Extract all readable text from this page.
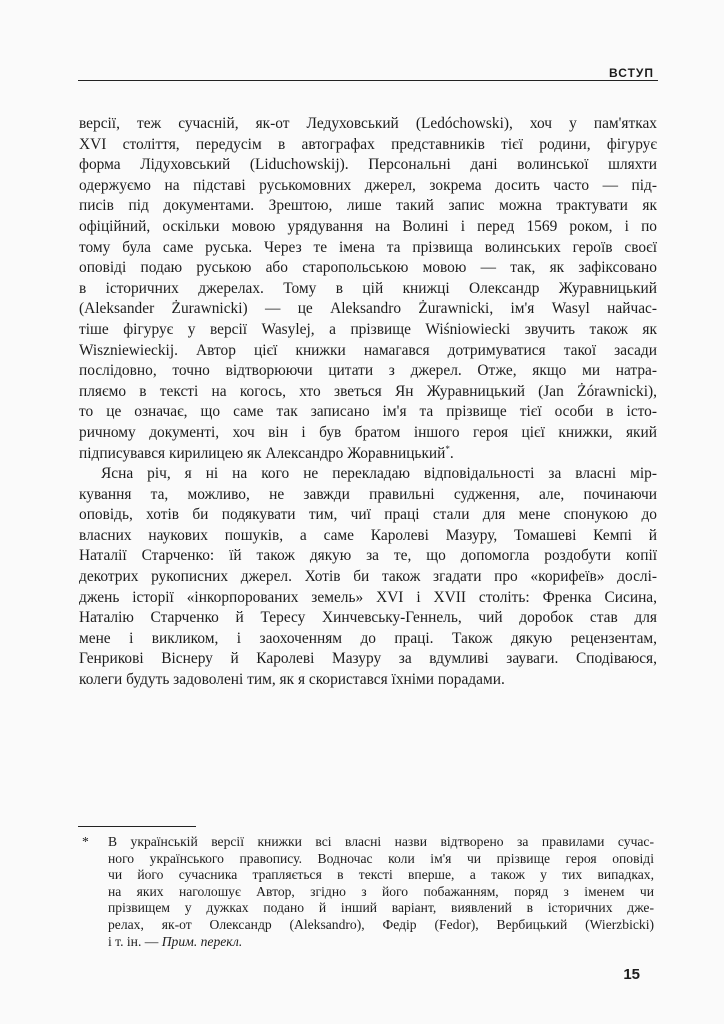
ВСТУП

версії, теж сучасній, як-от Ледуховський (Ledóchowski), хоч у пам'ятках
XVI століття, передусім в автографах представників тієї родини, фігурує
форма Лідуховський (Liduchowskij). Персональні дані волинської шляхти
одержуємо на підставі руськомовних джерел, зокрема досить часто — під-
писів під документами. Зрештою, лише такий запис можна трактувати як
офіційний, оскільки мовою урядування на Волині і перед 1569 роком, і по
тому була саме руська. Через те імена та прізвища волинських героїв своєї
оповіді подаю руською або старопольською мовою — так, як зафіксовано
в історичних джерелах. Тому в цій книжці Олександр Журавницький
(Aleksander Żurawnicki) — це Aleksandro Żurawnicki, ім'я Wasyl найчас-
тіше фігурує у версії Wasylej, а прізвище Wiśniowiecki звучить також як
Wiszniewieckij. Автор цієї книжки намагався дотримуватися такої засади
послідовно, точно відтворюючи цитати з джерел. Отже, якщо ми натра-
пляємо в тексті на когось, хто зветься Ян Журавницький (Jan Żórawnicki),
то це означає, що саме так записано ім'я та прізвище тієї особи в істо-
ричному документі, хоч він і був братом іншого героя цієї книжки, який
підписувався кирилицею як Александро Жоравницький*.

Ясна річ, я ні на кого не перекладаю відповідальності за власні мір-
кування та, можливо, не завжди правильні судження, але, починаючи
оповідь, хотів би подякувати тим, чиї праці стали для мене спонукою до
власних наукових пошуків, а саме Каролеві Мазуру, Томашеві Кемпі й
Наталії Старченко: їй також дякую за те, що допомогла роздобути копії
декотрих рукописних джерел. Хотів би також згадати про «корифеїв» дослі-
джень історії «інкорпорованих земель» XVI і XVII століть: Френка Сисина,
Наталію Старченко й Тересу Хинчевську-Геннель, чий доробок став для
мене і викликом, і заохоченням до праці. Також дякую рецензентам,
Генрикові Віснеру й Каролеві Мазуру за вдумливі зауваги. Сподіваюся,
колеги будуть задоволені тим, як я скористався їхніми порадами.

* В українській версії книжки всі власні назви відтворено за правилами сучас-
ного українського правопису. Водночас коли ім'я чи прізвище героя оповіді
чи його сучасника трапляється в тексті вперше, а також у тих випадках,
на яких наголошує Автор, згідно з його побажанням, поряд з іменем чи
прізвищем у дужках подано й інший варіант, виявлений в історичних дже-
релах, як-от Олександр (Aleksandro), Федір (Fedor), Вербицький (Wierzbicki)
і т. ін. — Прим. перекл.
15
